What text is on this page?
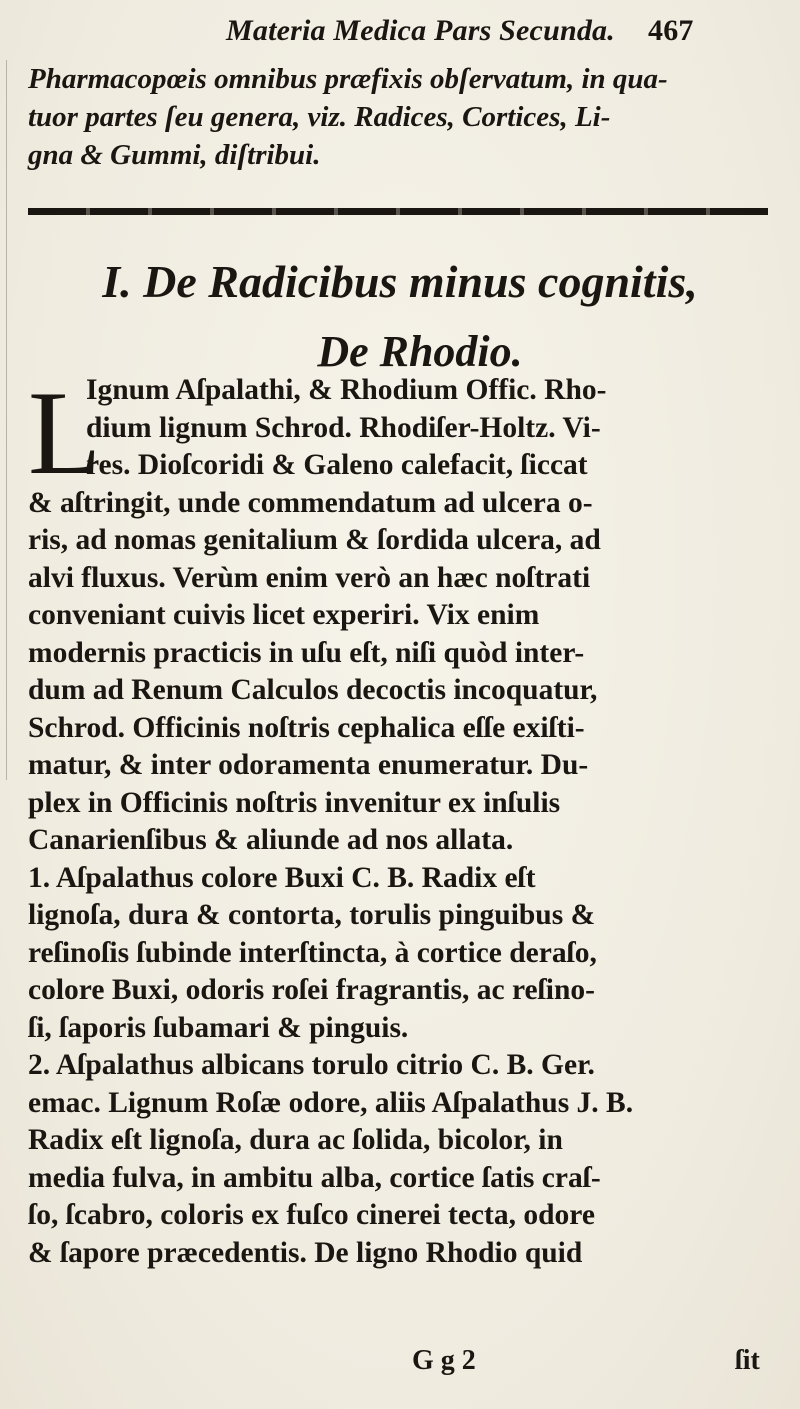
Materia Medica Pars Secunda. 467
Pharmacopœis omnibus præfixis obſervatum, in qua-
tuor partes ſeu genera, viz. Radices, Cortices, Li-
gna & Gummi, diſtribui.
I. De Radicibus minus cognitis,
De Rhodio.
L
Ignum Aſpalathi, & Rhodium Offic. Rho-
dium lignum Schrod. Rhodiſer-Holtz. Vi-
res. Dioſcoridi & Galeno calefacit, ſiccat
& aſtringit, unde commendatum ad ulcera o-
ris, ad nomas genitalium & ſordida ulcera, ad
alvi fluxus. Verùm enim verò an hæc noſtrati
conveniant cuivis licet experiri. Vix enim
modernis practicis in uſu eſt, niſi quòd inter-
dum ad Renum Calculos decoctis incoquatur,
Schrod. Officinis noſtris cephalica eſſe exiſti-
matur, & inter odoramenta enumeratur. Du-
plex in Officinis noſtris invenitur ex inſulis
Canarienſibus & aliunde ad nos allata.
1. Aſpalathus colore Buxi C. B. Radix eſt
lignoſa, dura & contorta, torulis pinguibus &
reſinoſis ſubinde interſtincta, à cortice deraſo,
colore Buxi, odoris roſei fragrantis, ac reſino-
ſi, ſaporis ſubamari & pinguis.
2. Aſpalathus albicans torulo citrio C. B. Ger.
emac. Lignum Roſæ odore, aliis Aſpalathus J. B.
Radix eſt lignoſa, dura ac ſolida, bicolor, in
media fulva, in ambitu alba, cortice ſatis craſ-
ſo, ſcabro, coloris ex fuſco cinerei tecta, odore
& ſapore præcedentis. De ligno Rhodio quid
G g 2	ſit
